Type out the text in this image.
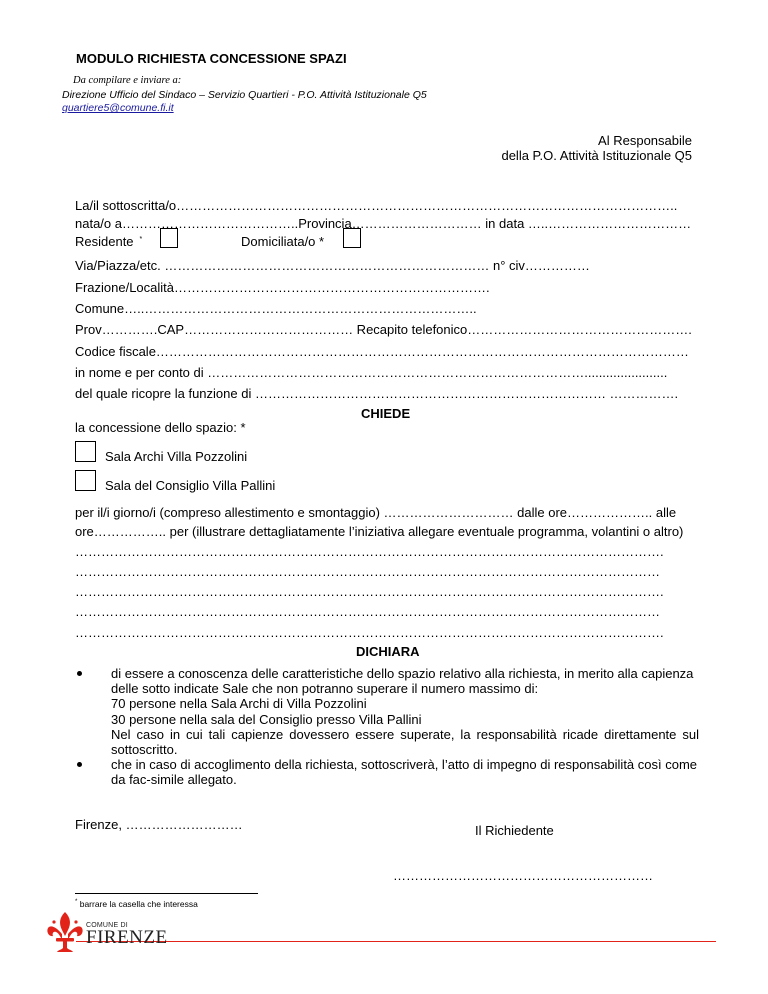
MODULO RICHIESTA CONCESSIONE SPAZI
Da compilare e inviare a:
Direzione Ufficio del Sindaco – Servizio Quartieri - P.O. Attività Istituzionale Q5
quartiere5@comune.fi.it
Al Responsabile
della P.O. Attività Istituzionale Q5
La/il sottoscritta/o……………………………………………………………………………………………………..
nata/o a…………………………………..Provincia………………………… in data …..……………………………
Residente *	Domiciliata/o *
Via/Piazza/etc. ………………………………………………………………… n° civ……………
Frazione/Località……………………………………………………………….
Comune…..…………………………………………………………………..
Prov………….CAP………………………………… Recapito telefonico…………………………………………….
Codice fiscale……………………………………………………………………………………………………………
in nome e per conto di …………………………………………………………………………….......................
del quale ricopre la funzione di ……………………………………………………………………… …………….
CHIEDE
la concessione dello spazio: *
Sala Archi Villa Pozzolini
Sala del Consiglio Villa Pallini
per il/i giorno/i (compreso allestimento e smontaggio) ………………………… dalle ore……………….. alle
ore…………….. per (illustrare dettagliatamente l’iniziativa allegare eventuale programma, volantini o altro)
……………………………………………………………………………………………………………………….
………………………………………………………………………………………………………………………
……………………………………………………………………………………………………………………….
………………………………………………………………………………………………………………………
……………………………………………………………………………………………………………………….
DICHIARA
di essere a conoscenza delle caratteristiche dello spazio relativo alla richiesta, in merito alla capienza
delle sotto indicate Sale che non potranno superare il numero massimo di:
70 persone nella Sala Archi di Villa Pozzolini
30 persone nella sala del Consiglio presso Villa Pallini
Nel caso in cui tali capienze dovessero essere superate, la responsabilità ricade direttamente sul
sottoscritto.
che in caso di accoglimento della richiesta, sottoscriverà, l’atto di impegno di responsabilità così come
da fac-simile allegato.
Firenze, ………………………	Il Richiedente
……………………………………………………
* barrare la casella che interessa
COMUNE DI
FIRENZE
